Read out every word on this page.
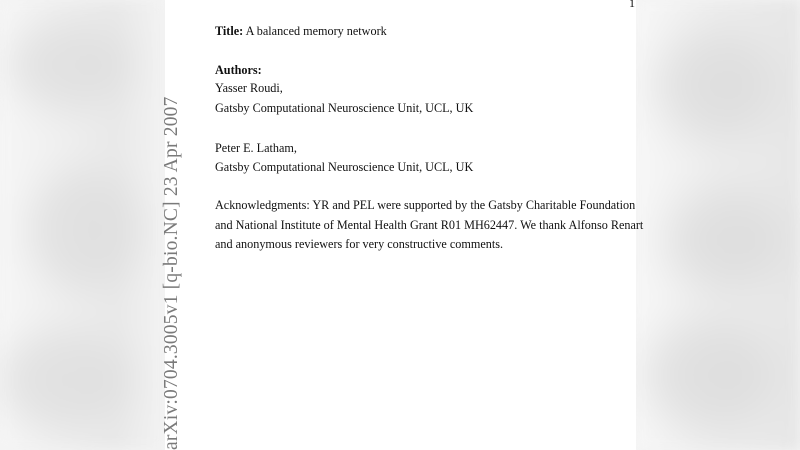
1
arXiv:0704.3005v1 [q-bio.NC] 23 Apr 2007
Title: A balanced memory network
Authors:
Yasser Roudi,
Gatsby Computational Neuroscience Unit, UCL, UK
Peter E. Latham,
Gatsby Computational Neuroscience Unit, UCL, UK
Acknowledgments: YR and PEL were supported by the Gatsby Charitable Foundation
and National Institute of Mental Health Grant R01 MH62447. We thank Alfonso Renart
and anonymous reviewers for very constructive comments.
